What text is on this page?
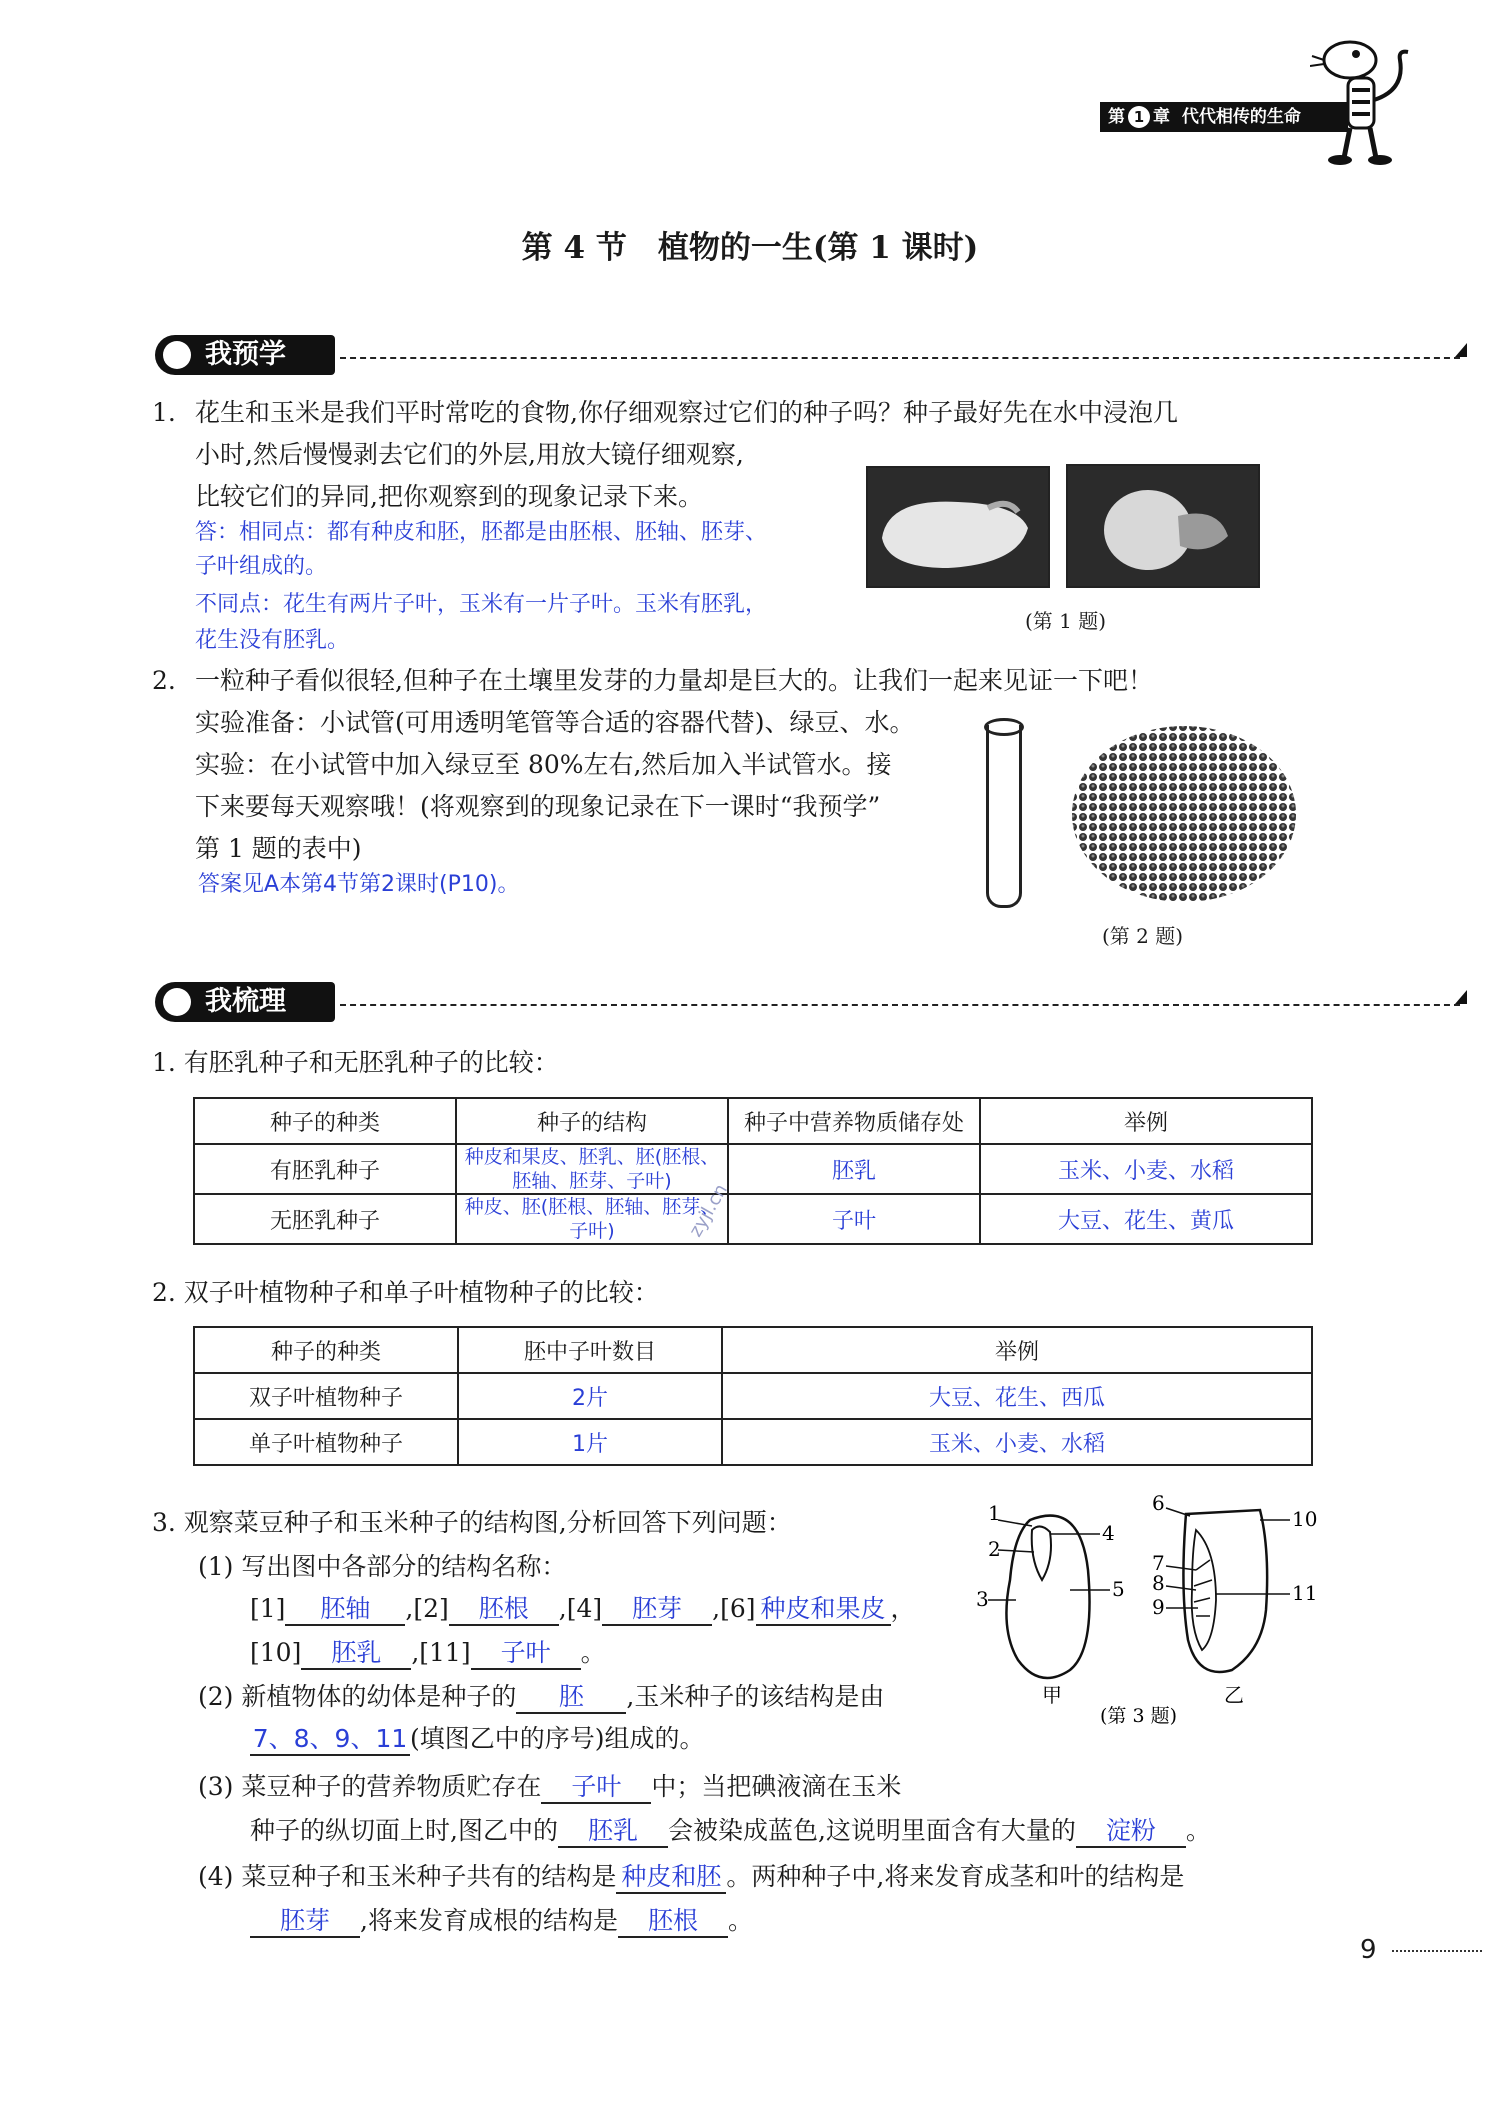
第 1 章 代代相传的生命
第 4 节　植物的一生(第 1 课时)
我预学
1. 花生和玉米是我们平时常吃的食物,你仔细观察过它们的种子吗？种子最好先在水中浸泡几
小时,然后慢慢剥去它们的外层,用放大镜仔细观察,
比较它们的异同,把你观察到的现象记录下来。
答：相同点：都有种皮和胚，胚都是由胚根、胚轴、胚芽、
子叶组成的。
不同点：花生有两片子叶，玉米有一片子叶。玉米有胚乳，
花生没有胚乳。
(第 1 题)
2. 一粒种子看似很轻,但种子在土壤里发芽的力量却是巨大的。让我们一起来见证一下吧！
实验准备：小试管(可用透明笔管等合适的容器代替)、绿豆、水。
实验：在小试管中加入绿豆至 80%左右,然后加入半试管水。接
下来要每天观察哦！(将观察到的现象记录在下一课时“我预学”
第 1 题的表中)
答案见A本第4节第2课时(P10)。
(第 2 题)
我梳理
1. 有胚乳种子和无胚乳种子的比较：
种子的种类	种子的结构	种子中营养物质储存处	举例
有胚乳种子	种皮和果皮、胚乳、胚(胚根、胚轴、胚芽、子叶)	胚乳	玉米、小麦、水稻
无胚乳种子	种皮、胚(胚根、胚轴、胚芽、子叶)	子叶	大豆、花生、黄瓜
zyjl.cn
2. 双子叶植物种子和单子叶植物种子的比较：
种子的种类	胚中子叶数目	举例
双子叶植物种子	2片	大豆、花生、西瓜
单子叶植物种子	1片	玉米、小麦、水稻
3. 观察菜豆种子和玉米种子的结构图,分析回答下列问题：
(1) 写出图中各部分的结构名称：
[1] 胚轴 ,[2] 胚根 ,[4] 胚芽 ,[6] 种皮和果皮 ，
[10] 胚乳 ,[11] 子叶 。
(2) 新植物体的幼体是种子的 胚 ,玉米种子的该结构是由
7、8、9、11 (填图乙中的序号)组成的。
(3) 菜豆种子的营养物质贮存在 子叶 中；当把碘液滴在玉米
种子的纵切面上时,图乙中的 胚乳 会被染成蓝色,这说明里面含有大量的 淀粉 。
(4) 菜豆种子和玉米种子共有的结构是 种皮和胚 。两种种子中,将来发育成茎和叶的结构是
胚芽 ,将来发育成根的结构是 胚根 。
1
2
3
4
5
甲
6
7
8
9
10
11
乙
(第 3 题)
9
